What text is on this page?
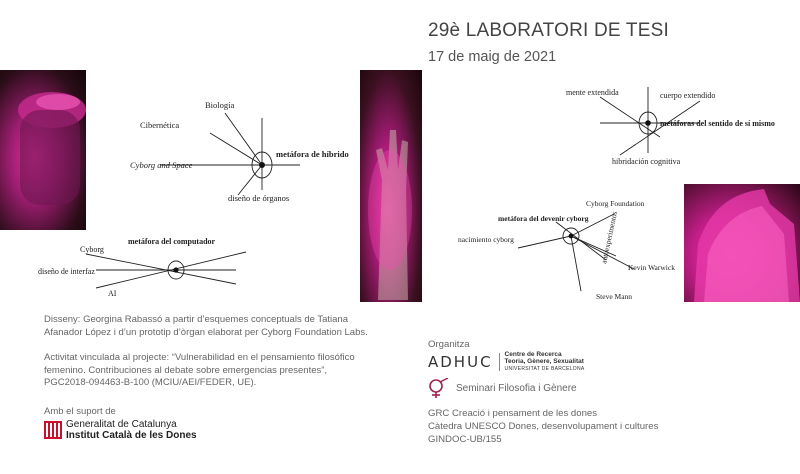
29è LABORATORI DE TESI
17 de maig de 2021
Biología
Cibernética
Cyborg and Space
metáfora de híbrido
diseño de órganos
Cyborg
metáfora del computador
diseño de interfaz
AI
mente extendida	cuerpo extendido
metáforas del sentido de sí mismo
hibridación cognitiva
Cyborg Foundation
metáfora del devenir cyborg
nacimiento cyborg	autoexperimentos
Kevin Warwick
Steve Mann
Disseny: Georgina Rabassó a partir d’esquemes conceptuals de Tatiana Afanador López i d’un prototip d’òrgan elaborat per Cyborg Foundation Labs.
Activitat vinculada al projecte: “Vulnerabilidad en el pensamiento filosófico femenino. Contribuciones al debate sobre emergencias presentes”, PGC2018-094463-B-100 (MCIU/AEI/FEDER, UE).
Amb el suport de
Generalitat de Catalunya
Institut Català de les Dones
Organitza
ADHUC	Centre de Recerca
Teoria, Gènere, Sexualitat
UNIVERSITAT DE BARCELONA
Seminari Filosofia i Gènere
GRC Creació i pensament de les dones
Càtedra UNESCO Dones, desenvolupament i cultures
GINDOC-UB/155
